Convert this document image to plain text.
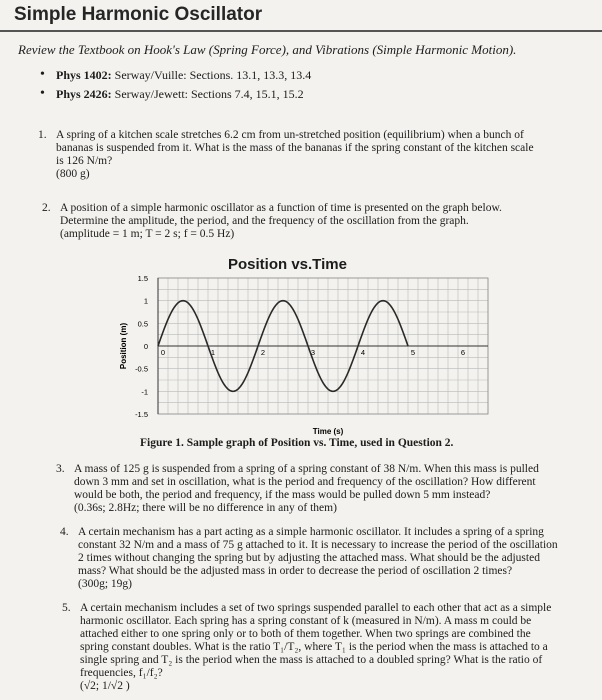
Simple Harmonic Oscillator
Review the Textbook on Hook's Law (Spring Force), and Vibrations (Simple Harmonic Motion).
• Phys 1402: Serway/Vuille: Sections. 13.1, 13.3, 13.4
• Phys 2426: Serway/Jewett: Sections 7.4, 15.1, 15.2
1. A spring of a kitchen scale stretches 6.2 cm from un-stretched position (equilibrium) when a bunch of
bananas is suspended from it. What is the mass of the bananas if the spring constant of the kitchen scale
is 126 N/m?
(800 g)
2. A position of a simple harmonic oscillator as a function of time is presented on the graph below.
Determine the amplitude, the period, and the frequency of the oscillation from the graph.
(amplitude = 1 m; T = 2 s; f = 0.5 Hz)
Position vs.Time
1.5
1
0.5
0
-0.5
-1
-1.5
0	1	2	3	4	5	6
Position (m)
Time (s)
Figure 1. Sample graph of Position vs. Time, used in Question 2.
3. A mass of 125 g is suspended from a spring of a spring constant of 38 N/m. When this mass is pulled
down 3 mm and set in oscillation, what is the period and frequency of the oscillation? How different
would be both, the period and frequency, if the mass would be pulled down 5 mm instead?
(0.36s; 2.8Hz; there will be no difference in any of them)
4. A certain mechanism has a part acting as a simple harmonic oscillator. It includes a spring of a spring
constant 32 N/m and a mass of 75 g attached to it. It is necessary to increase the period of the oscillation
2 times without changing the spring but by adjusting the attached mass. What should be the adjusted
mass? What should be the adjusted mass in order to decrease the period of oscillation 2 times?
(300g; 19g)
5. A certain mechanism includes a set of two springs suspended parallel to each other that act as a simple
harmonic oscillator. Each spring has a spring constant of k (measured in N/m). A mass m could be
attached either to one spring only or to both of them together. When two springs are combined the
spring constant doubles. What is the ratio T₁/T₂, where T₁ is the period when the mass is attached to a
single spring and T₂ is the period when the mass is attached to a doubled spring? What is the ratio of
frequencies, f₁/f₂?
(√2; 1/√2 )
